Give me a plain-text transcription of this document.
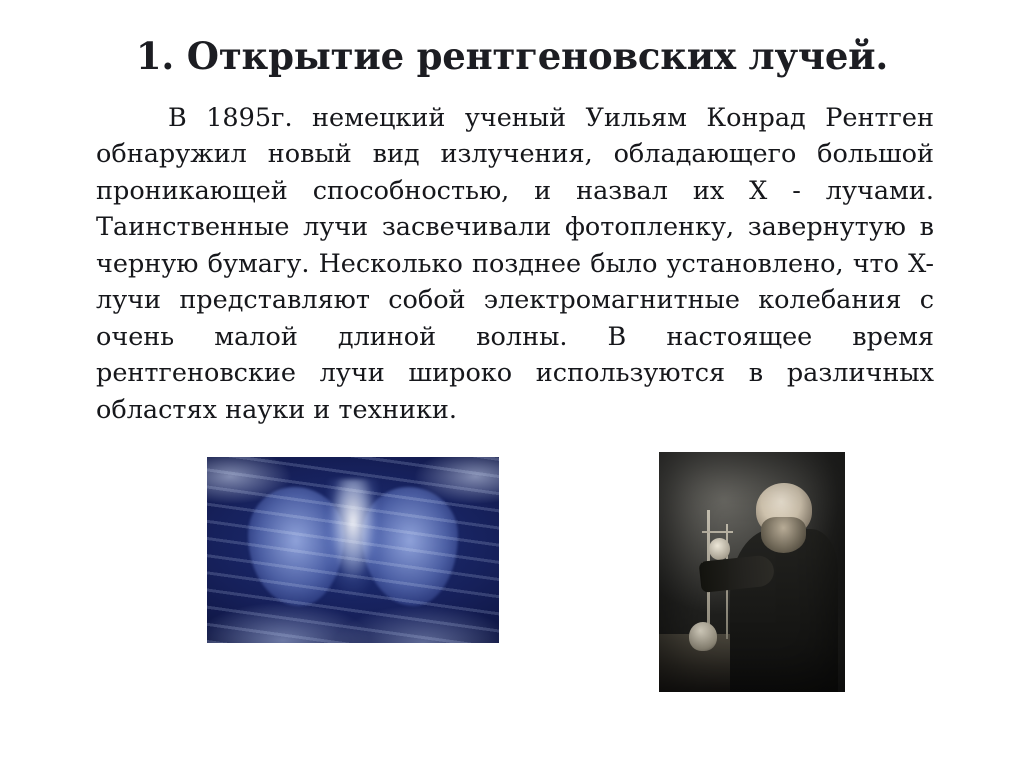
1. Открытие рентгеновских лучей.
В 1895г. немецкий ученый Уильям Конрад Рентген обнаружил новый вид излучения, обладающего большой проникающей способностью, и назвал их X - лучами. Таинственные лучи засвечивали фотопленку, завернутую в черную бумагу. Несколько позднее было установлено, что X-лучи представляют собой электромагнитные колебания с очень малой длиной волны. В настоящее время рентгеновские лучи широко используются в различных областях науки и техники.
